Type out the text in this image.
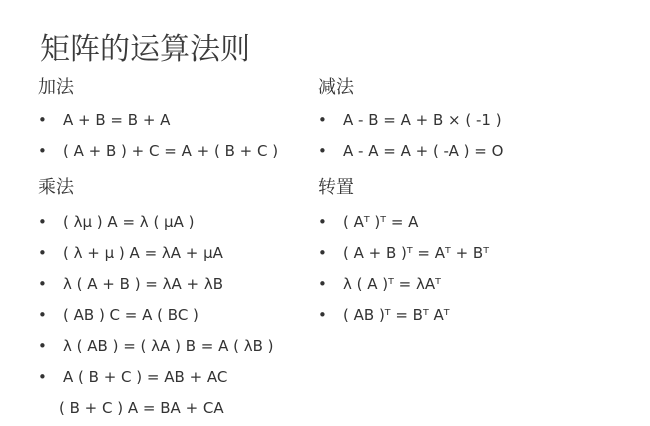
矩阵的运算法则
加法
• A + B = B + A
• ( A + B ) + C = A + ( B + C )
减法
• A - B = A + B × ( -1 )
• A - A = A + ( -A ) = O
乘法
• ( λμ ) A = λ ( μA )
• ( λ + μ ) A = λA + μA
• λ ( A + B ) = λA + λB
• ( AB ) C = A ( BC )
• λ ( AB ) = ( λA ) B = A ( λB )
• A ( B + C ) = AB + AC
( B + C ) A = BA + CA
转置
• ( Aᵀ )ᵀ = A
• ( A + B )ᵀ = Aᵀ + Bᵀ
• λ ( A )ᵀ = λAᵀ
• ( AB )ᵀ = Bᵀ Aᵀ
